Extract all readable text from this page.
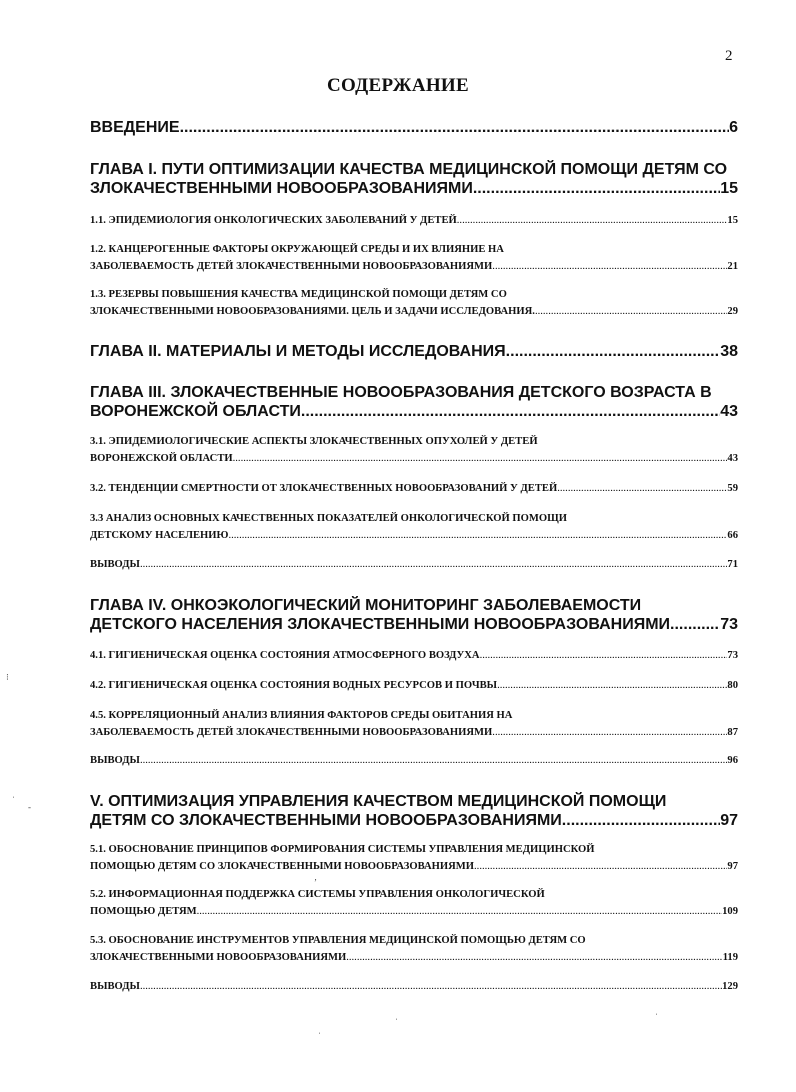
2
СОДЕРЖАНИЕ
ВВЕДЕНИЕ .....	6
ГЛАВА I. ПУТИ ОПТИМИЗАЦИИ КАЧЕСТВА МЕДИЦИНСКОЙ ПОМОЩИ ДЕТЯМ СО
ЗЛОКАЧЕСТВЕННЫМИ НОВООБРАЗОВАНИЯМИ .....	15
1.1. ЭПИДЕМИОЛОГИЯ ОНКОЛОГИЧЕСКИХ ЗАБОЛЕВАНИЙ У ДЕТЕЙ .....	15
1.2. КАНЦЕРОГЕННЫЕ ФАКТОРЫ ОКРУЖАЮЩЕЙ СРЕДЫ И ИХ ВЛИЯНИЕ НА
ЗАБОЛЕВАЕМОСТЬ ДЕТЕЙ ЗЛОКАЧЕСТВЕННЫМИ НОВООБРАЗОВАНИЯМИ .....	21
1.3. РЕЗЕРВЫ ПОВЫШЕНИЯ КАЧЕСТВА МЕДИЦИНСКОЙ ПОМОЩИ ДЕТЯМ СО
ЗЛОКАЧЕСТВЕННЫМИ НОВООБРАЗОВАНИЯМИ. ЦЕЛЬ И ЗАДАЧИ ИССЛЕДОВАНИЯ. .....	29
ГЛАВА II. МАТЕРИАЛЫ И МЕТОДЫ ИССЛЕДОВАНИЯ .....	38
ГЛАВА III. ЗЛОКАЧЕСТВЕННЫЕ НОВООБРАЗОВАНИЯ ДЕТСКОГО ВОЗРАСТА В
ВОРОНЕЖСКОЙ ОБЛАСТИ .....	43
3.1. ЭПИДЕМИОЛОГИЧЕСКИЕ АСПЕКТЫ ЗЛОКАЧЕСТВЕННЫХ ОПУХОЛЕЙ У ДЕТЕЙ
ВОРОНЕЖСКОЙ ОБЛАСТИ .....	43
3.2. ТЕНДЕНЦИИ СМЕРТНОСТИ ОТ ЗЛОКАЧЕСТВЕННЫХ НОВООБРАЗОВАНИЙ У ДЕТЕЙ .....	59
3.3 АНАЛИЗ ОСНОВНЫХ КАЧЕСТВЕННЫХ ПОКАЗАТЕЛЕЙ ОНКОЛОГИЧЕСКОЙ ПОМОЩИ
ДЕТСКОМУ НАСЕЛЕНИЮ .....	66
ВЫВОДЫ .....	71
ГЛАВА IV. ОНКОЭКОЛОГИЧЕСКИЙ МОНИТОРИНГ ЗАБОЛЕВАЕМОСТИ
ДЕТСКОГО НАСЕЛЕНИЯ ЗЛОКАЧЕСТВЕННЫМИ НОВООБРАЗОВАНИЯМИ .....	73
4.1. ГИГИЕНИЧЕСКАЯ ОЦЕНКА СОСТОЯНИЯ АТМОСФЕРНОГО ВОЗДУХА .....	73
4.2. ГИГИЕНИЧЕСКАЯ ОЦЕНКА СОСТОЯНИЯ ВОДНЫХ РЕСУРСОВ И ПОЧВЫ .....	80
4.5. КОРРЕЛЯЦИОННЫЙ АНАЛИЗ ВЛИЯНИЯ ФАКТОРОВ СРЕДЫ ОБИТАНИЯ НА
ЗАБОЛЕВАЕМОСТЬ ДЕТЕЙ ЗЛОКАЧЕСТВЕННЫМИ НОВООБРАЗОВАНИЯМИ .....	87
ВЫВОДЫ .....	96
V. ОПТИМИЗАЦИЯ УПРАВЛЕНИЯ КАЧЕСТВОМ МЕДИЦИНСКОЙ ПОМОЩИ
ДЕТЯМ СО ЗЛОКАЧЕСТВЕННЫМИ НОВООБРАЗОВАНИЯМИ .....	97
5.1. ОБОСНОВАНИЕ ПРИНЦИПОВ ФОРМИРОВАНИЯ СИСТЕМЫ УПРАВЛЕНИЯ МЕДИЦИНСКОЙ
ПОМОЩЬЮ ДЕТЯМ СО ЗЛОКАЧЕСТВЕННЫМИ НОВООБРАЗОВАНИЯМИ .....	97
5.2. ИНФОРМАЦИОННАЯ ПОДДЕРЖКА СИСТЕМЫ УПРАВЛЕНИЯ ОНКОЛОГИЧЕСКОЙ
ПОМОЩЬЮ ДЕТЯМ .....	109
5.3. ОБОСНОВАНИЕ ИНСТРУМЕНТОВ УПРАВЛЕНИЯ МЕДИЦИНСКОЙ ПОМОЩЬЮ ДЕТЯМ СО
ЗЛОКАЧЕСТВЕННЫМИ НОВООБРАЗОВАНИЯМИ .....	119
ВЫВОДЫ .....	129
⁝
ˈ
‐
‚
ˌ
ˈ	ˈ
